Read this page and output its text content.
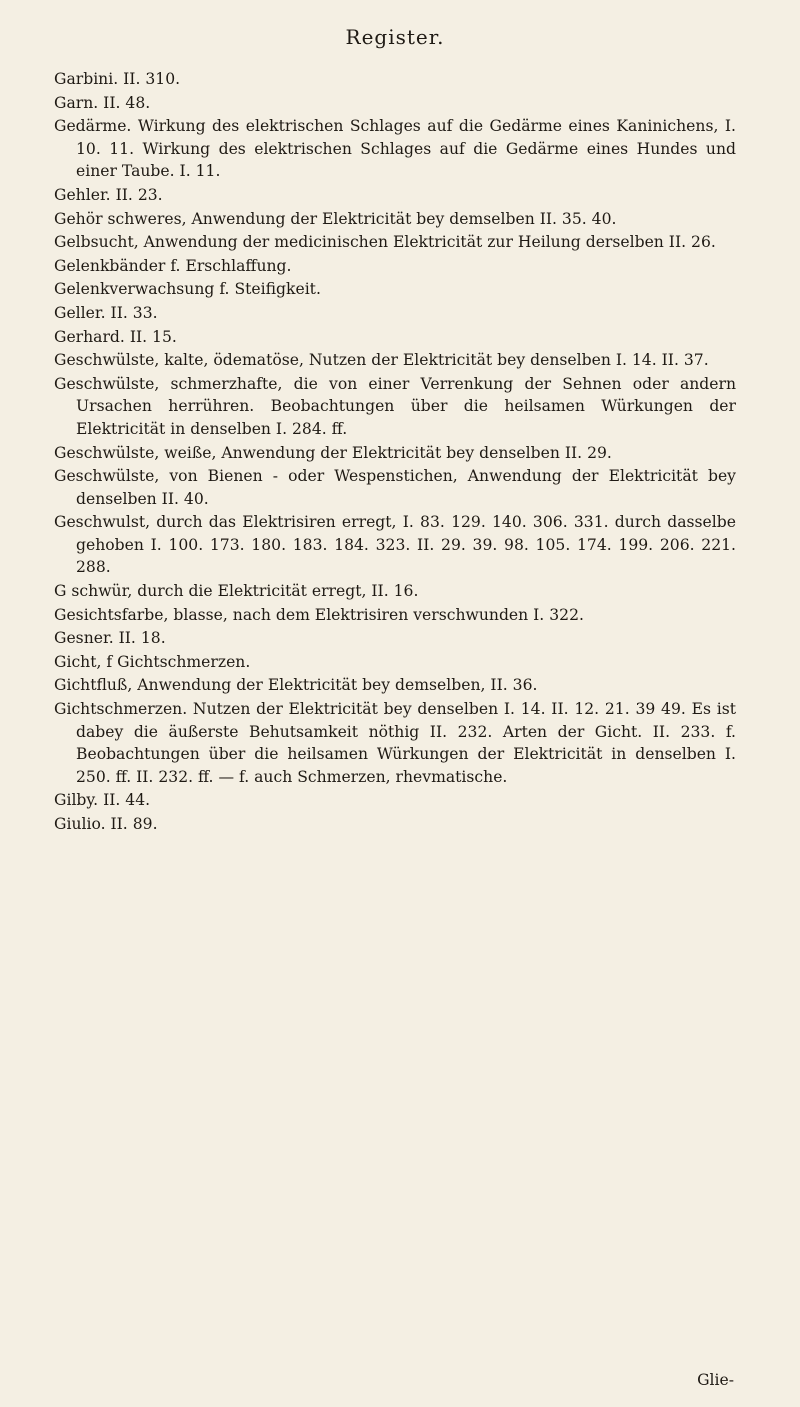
Register.
Garbini. II. 310.
Garn. II. 48.
Gedärme. Wirkung des elektrischen Schlages auf die Gedärme eines Kaninichens, I. 10. 11. Wirkung des elektrischen Schlages auf die Gedärme eines Hundes und einer Taube. I. 11.
Gehler. II. 23.
Gehör schweres, Anwendung der Elektricität bey demselben II. 35. 40.
Gelbsucht, Anwendung der medicinischen Elektricität zur Heilung derselben II. 26.
Gelenkbänder f. Erschlaffung.
Gelenkverwachsung f. Steifigkeit.
Geller. II. 33.
Gerhard. II. 15.
Geschwülste, kalte, ödematöse, Nutzen der Elektricität bey denselben I. 14. II. 37.
Geschwülste, schmerzhafte, die von einer Verrenkung der Sehnen oder andern Ursachen herrühren. Beobachtungen über die heilsamen Würkungen der Elektricität in denselben I. 284. ff.
Geschwülste, weiße, Anwendung der Elektricität bey denselben II. 29.
Geschwülste, von Bienen - oder Wespenstichen, Anwendung der Elektricität bey denselben II. 40.
Geschwulst, durch das Elektrisiren erregt, I. 83. 129. 140. 306. 331. durch dasselbe gehoben I. 100. 173. 180. 183. 184. 323. II. 29. 39. 98. 105. 174. 199. 206. 221. 288.
G schwür, durch die Elektricität erregt, II. 16.
Gesichtsfarbe, blasse, nach dem Elektrisiren verschwunden I. 322.
Gesner. II. 18.
Gicht, f Gichtschmerzen.
Gichtfluß, Anwendung der Elektricität bey demselben, II. 36.
Gichtschmerzen. Nutzen der Elektricität bey denselben I. 14. II. 12. 21. 39 49. Es ist dabey die äußerste Behutsamkeit nöthig II. 232. Arten der Gicht. II. 233. f. Beobachtungen über die heilsamen Würkungen der Elektricität in denselben I. 250. ff. II. 232. ff. — f. auch Schmerzen, rhevmatische.
Gilby. II. 44.
Giulio. II. 89.
Glie-
